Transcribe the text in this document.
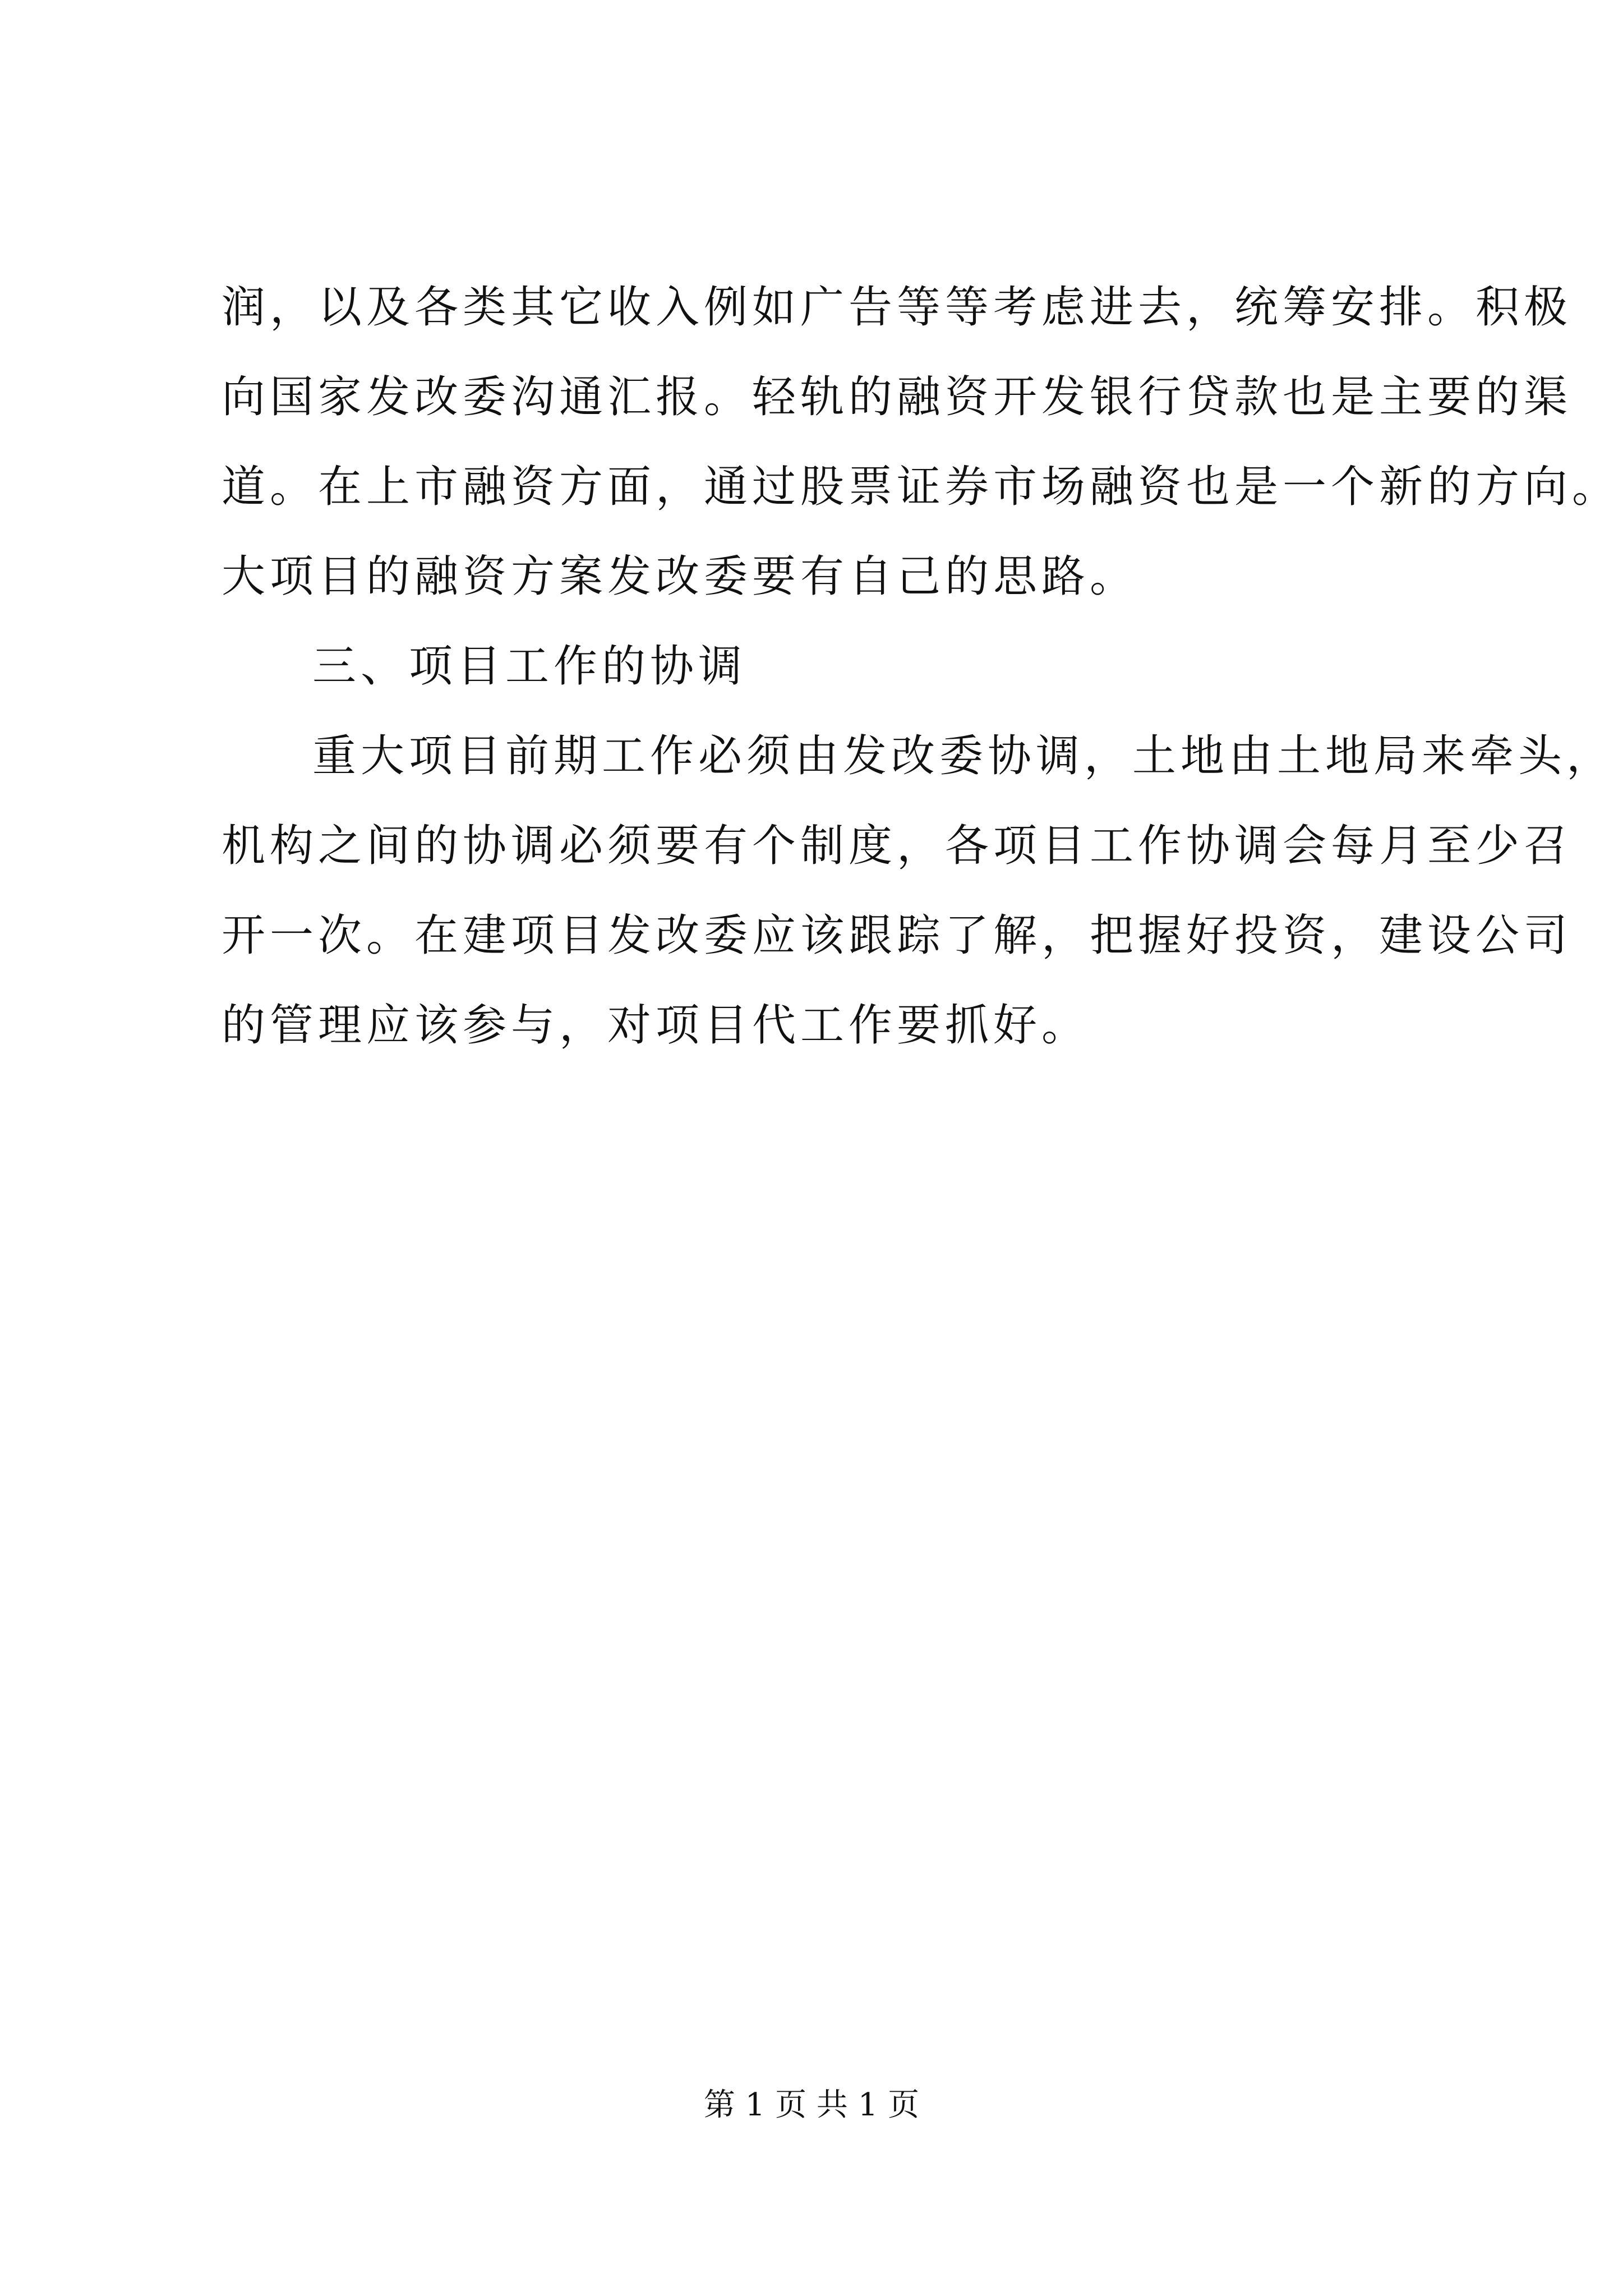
润，以及各类其它收入例如广告等等考虑进去，统筹安排。积极
向国家发改委沟通汇报。轻轨的融资开发银行贷款也是主要的渠
道。在上市融资方面，通过股票证券市场融资也是一个新的方向。
大项目的融资方案发改委要有自己的思路。
三、项目工作的协调
重大项目前期工作必须由发改委协调，土地由土地局来牵头，
机构之间的协调必须要有个制度，各项目工作协调会每月至少召
开一次。在建项目发改委应该跟踪了解，把握好投资，建设公司
的管理应该参与，对项目代工作要抓好。
第 1 页 共 1 页
